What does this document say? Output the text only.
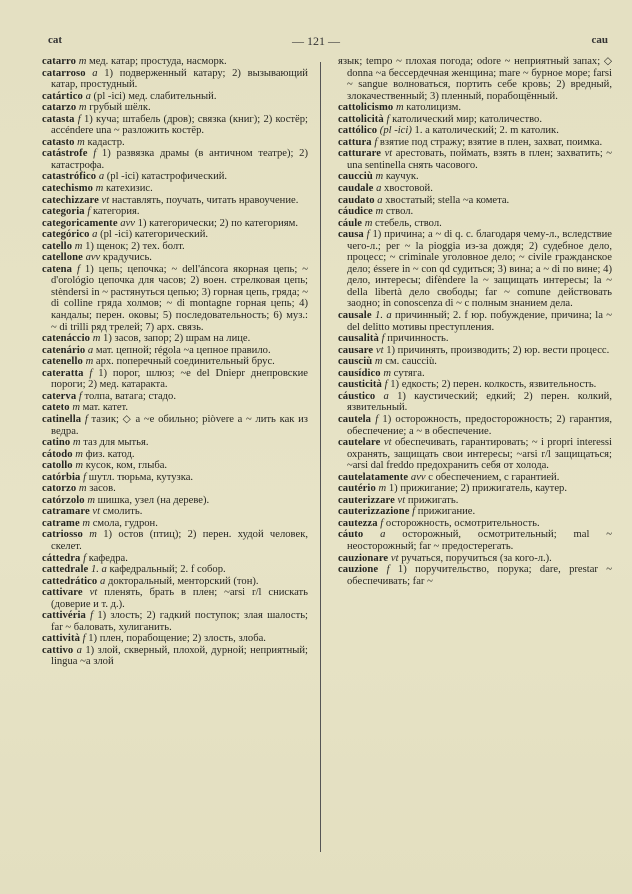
— 121 —
cat	cau

catarro m мед. катар; простуда, насморк.

catarroso a 1) подверженный катару; 2) вызывающий катар, простудный.

catártico a (pl -ici) мед. слабительный.

catarzo m грубый шёлк.

catasta f 1) куча; штабель (дров); связка (книг); 2) костёр; accéndere una ~ разложить костёр.

catasto m кадастр.

catástrofe f 1) развязка драмы (в античном театре); 2) катастрофа.

catastrófico a (pl -ici) катастрофический.

catechismo m катехизис.

catechizzare vt наставлять, поучать, читать нравоучение.

categoria f категория.

categoricamente avv 1) категорически; 2) по категориям.

categórico a (pl -ici) категорический.

catello m 1) щенок; 2) тех. болт.

catellone avv крадучись.

catena f 1) цепь; цепочка; ~ dell'áncora якорная цепь; ~ d'orológio цепочка для часов; 2) воен. стрелковая цепь; stèndersi in ~ растянуться цепью; 3) горная цепь, гряда; ~ di colline гряда холмов; ~ di montagne горная цепь; 4) кандалы; перен. оковы; 5) последовательность; 6) муз.: ~ di trilli ряд трелей; 7) арх. связь.

catenáccio m 1) засов, запор; 2) шрам на лице.

catenário a мат. цепной; régola ~a цепное правило.

catenello m арх. поперечный соединительный брус.

cateratta f 1) порог, шлюз; ~e del Dniepr днепровские пороги; 2) мед. катаракта.

caterva f толпа, ватага; стадо.

cateto m мат. катет.

catinella f тазик; ◇ a ~e обильно; piòvere a ~ лить как из ведра.

catino m таз для мытья.

cátodo m физ. катод.

catollo m кусок, ком, глыба.

catórbia f шутл. тюрьма, кутузка.

catorzo m засов.

catórzolo m шишка, узел (на дереве).

catramare vt смолить.

catrame m смола, гудрон.

catriosso m 1) остов (птиц); 2) перен. худой человек, скелет.

cáttedra f кафедра.

cattedrale 1. a кафедральный; 2. f собор.

cattedrático a докторальный, менторский (тон).

cattivare vt пленять, брать в плен; ~arsi r/l снискать (доверие и т. д.).

cattivéria f 1) злость; 2) гадкий поступок; злая шалость; far ~ баловать, хулиганить.

cattività f 1) плен, порабощение; 2) злость, злоба.

cattivo a 1) злой, скверный, плохой, дурной; неприятный; lingua ~a злой

язык; tempo ~ плохая погода; odore ~ неприятный запах; ◇ donna ~a бессердечная женщина; mare ~ бурное море; farsi ~ sangue волноваться, портить себе кровь; 2) вредный, злокачественный; 3) пленный, порабощённый.

cattolicismo m католицизм.

cattolicità f католический мир; католичество.

cattólico (pl -ici) 1. a католический; 2. m католик.

cattura f взятие под стражу; взятие в плен, захват, поимка.

catturare vt арестовать, поймать, взять в плен; захватить; ~ una sentinella снять часового.

caucciù m каучук.

caudale a хвостовой.

caudato a хвостатый; stella ~a комета.

cáudice m ствол.

cáule m стебель, ствол.

causa f 1) причина; a ~ di q. c. благодаря чему-л., вследствие чего-л.; per ~ la pioggia из-за дождя; 2) судебное дело, процесс; ~ criminale уголовное дело; ~ civile гражданское дело; éssere in ~ con qd судиться; 3) вина; a ~ di по вине; 4) дело, интересы; difèndere la ~ защищать интересы; la ~ della libertà дело свободы; far ~ comune действовать заодно; in conoscenza di ~ с полным знанием дела.

causale 1. a причинный; 2. f юр. побуждение, причина; la ~ del delitto мотивы преступления.

causalità f причинность.

causare vt 1) причинять, производить; 2) юр. вести процесс.

causciù m см. caucciù.

causídico m сутяга.

causticità f 1) едкость; 2) перен. колкость, язвительность.

cáustico a 1) каустический; едкий; 2) перен. колкий, язвительный.

cautela f 1) осторожность, предосторожность; 2) гарантия, обеспечение; a ~ в обеспечение.

cautelare vt обеспечивать, гарантировать; ~ i propri interessi охранять, защищать свои интересы; ~arsi r/l защищаться; ~arsi dal freddo предохранить себя от холода.

cautelatamente avv с обеспечением, с гарантией.

cautério m 1) прижигание; 2) прижигатель, каутер.

cauterizzare vt прижигать.

cauterizzazione f прижигание.

cautezza f осторожность, осмотрительность.

cáuto a осторожный, осмотрительный; mal ~ неосторожный; far ~ предостерегать.

cauzionare vt ручаться, поручиться (за кого-л.).

cauzione f 1) поручительство, порука; dare, prestar ~ обеспечивать; far ~
